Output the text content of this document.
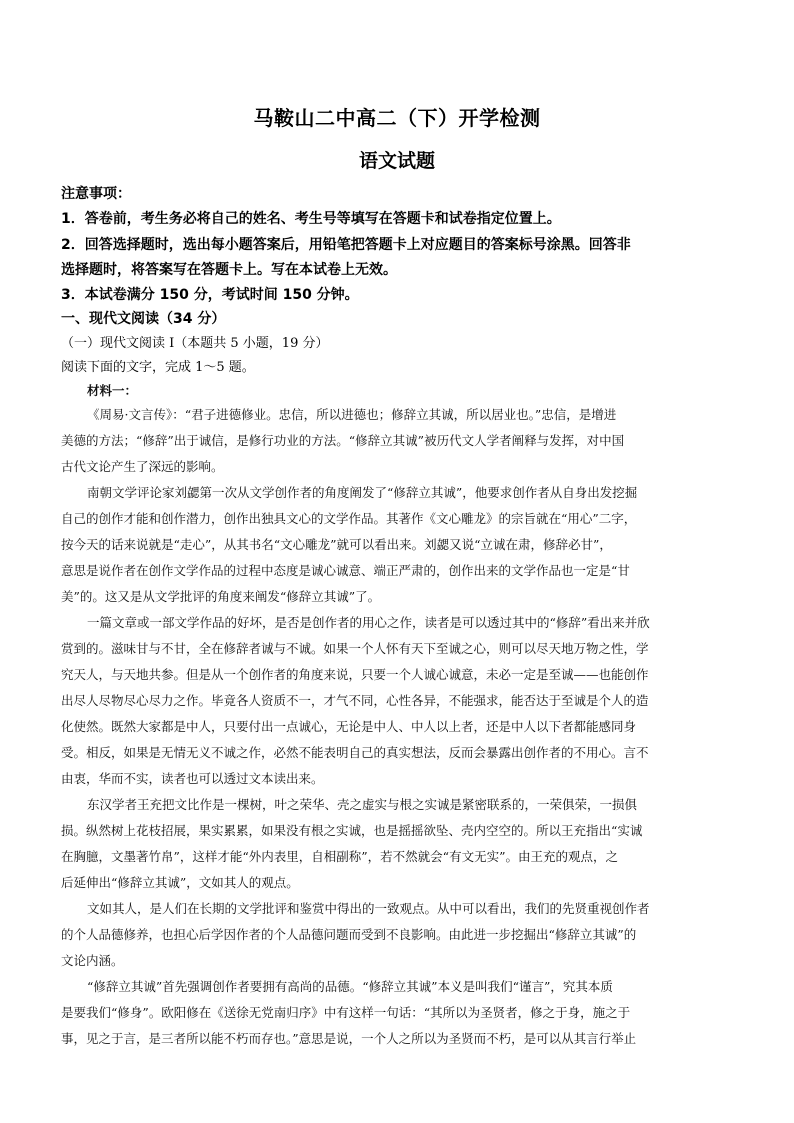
马鞍山二中高二（下）开学检测
语文试题
注意事项：
1．答卷前，考生务必将自己的姓名、考生号等填写在答题卡和试卷指定位置上。
2．回答选择题时，选出每小题答案后，用铅笔把答题卡上对应题目的答案标号涂黑。回答非
选择题时，将答案写在答题卡上。写在本试卷上无效。
3．本试卷满分 150 分，考试时间 150 分钟。
一、现代文阅读（34 分）
（一）现代文阅读 I（本题共 5 小题，19 分）
阅读下面的文字，完成 1～5 题。
材料一：
《周易·文言传》：“君子进德修业。忠信，所以进德也；修辞立其诚，所以居业也。”忠信，是增进
美德的方法；“修辞”出于诚信，是修行功业的方法。“修辞立其诚”被历代文人学者阐释与发挥，对中国
古代文论产生了深远的影响。
南朝文学评论家刘勰第一次从文学创作者的角度阐发了“修辞立其诚”，他要求创作者从自身出发挖掘
自己的创作才能和创作潜力，创作出独具文心的文学作品。其著作《文心雕龙》的宗旨就在“用心”二字，
按今天的话来说就是“走心”，从其书名“文心雕龙”就可以看出来。刘勰又说“立诚在肃，修辞必甘”，
意思是说作者在创作文学作品的过程中态度是诚心诚意、端正严肃的，创作出来的文学作品也一定是“甘
美”的。这又是从文学批评的角度来阐发“修辞立其诚”了。
一篇文章或一部文学作品的好坏，是否是创作者的用心之作，读者是可以透过其中的“修辞”看出来并欣
赏到的。滋味甘与不甘，全在修辞者诚与不诚。如果一个人怀有天下至诚之心，则可以尽天地万物之性，学
究天人，与天地共参。但是从一个创作者的角度来说，只要一个人诚心诚意，未必一定是至诚——也能创作
出尽人尽物尽心尽力之作。毕竟各人资质不一，才气不同，心性各异，不能强求，能否达于至诚是个人的造
化使然。既然大家都是中人，只要付出一点诚心，无论是中人、中人以上者，还是中人以下者都能感同身
受。相反，如果是无情无义不诚之作，必然不能表明自己的真实想法，反而会暴露出创作者的不用心。言不
由衷，华而不实，读者也可以透过文本读出来。
东汉学者王充把文比作是一棵树，叶之荣华、壳之虚实与根之实诚是紧密联系的，一荣俱荣，一损俱
损。纵然树上花枝招展，果实累累，如果没有根之实诚，也是摇摇欲坠、壳内空空的。所以王充指出“实诚
在胸臆，文墨著竹帛”，这样才能“外内表里，自相副称”，若不然就会“有文无实”。由王充的观点，之
后延伸出“修辞立其诚”，文如其人的观点。
文如其人，是人们在长期的文学批评和鉴赏中得出的一致观点。从中可以看出，我们的先贤重视创作者
的个人品德修养，也担心后学因作者的个人品德问题而受到不良影响。由此进一步挖掘出“修辞立其诚”的
文论内涵。
“修辞立其诚”首先强调创作者要拥有高尚的品德。“修辞立其诚”本义是叫我们“谨言”，究其本质
是要我们“修身”。欧阳修在《送徐无党南归序》中有这样一句话：“其所以为圣贤者，修之于身，施之于
事，见之于言，是三者所以能不朽而存也。”意思是说，一个人之所以为圣贤而不朽，是可以从其言行举止
